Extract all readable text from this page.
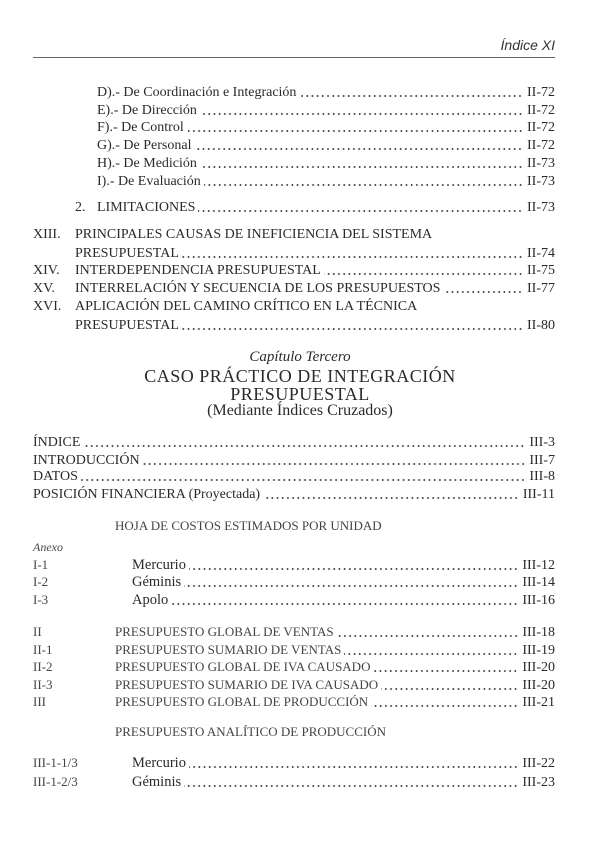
Índice XI
D).- De Coordinación e Integración	II-72
E).- De Dirección	II-72
F).- De Control	II-72
G).- De Personal	II-72
H).- De Medición	II-73
I).- De Evaluación	II-73
2. LIMITACIONES	II-73
XIII. PRINCIPALES CAUSAS DE INEFICIENCIA DEL SISTEMA
PRESUPUESTAL	II-74
XIV. INTERDEPENDENCIA PRESUPUESTAL	II-75
XV. INTERRELACIÓN Y SECUENCIA DE LOS PRESUPUESTOS	II-77
XVI. APLICACIÓN DEL CAMINO CRÍTICO EN LA TÉCNICA
PRESUPUESTAL	II-80
ÍNDICE	III-3
INTRODUCCIÓN	III-7
DATOS	III-8
POSICIÓN FINANCIERA (Proyectada)	III-11
I-1	Mercurio	III-12
I-2	Géminis	III-14
I-3	Apolo	III-16
II	PRESUPUESTO GLOBAL DE VENTAS	III-18
II-1	PRESUPUESTO SUMARIO DE VENTAS	III-19
II-2	PRESUPUESTO GLOBAL DE IVA CAUSADO	III-20
II-3	PRESUPUESTO SUMARIO DE IVA CAUSADO	III-20
III	PRESUPUESTO GLOBAL DE PRODUCCIÓN	III-21
III-1-1/3	Mercurio	III-22
III-1-2/3	Géminis	III-23
Capítulo Tercero
CASO PRÁCTICO DE INTEGRACIÓN
PRESUPUESTAL
(Mediante Índices Cruzados)
HOJA DE COSTOS ESTIMADOS POR UNIDAD
Anexo
PRESUPUESTO ANALÍTICO DE PRODUCCIÓN
